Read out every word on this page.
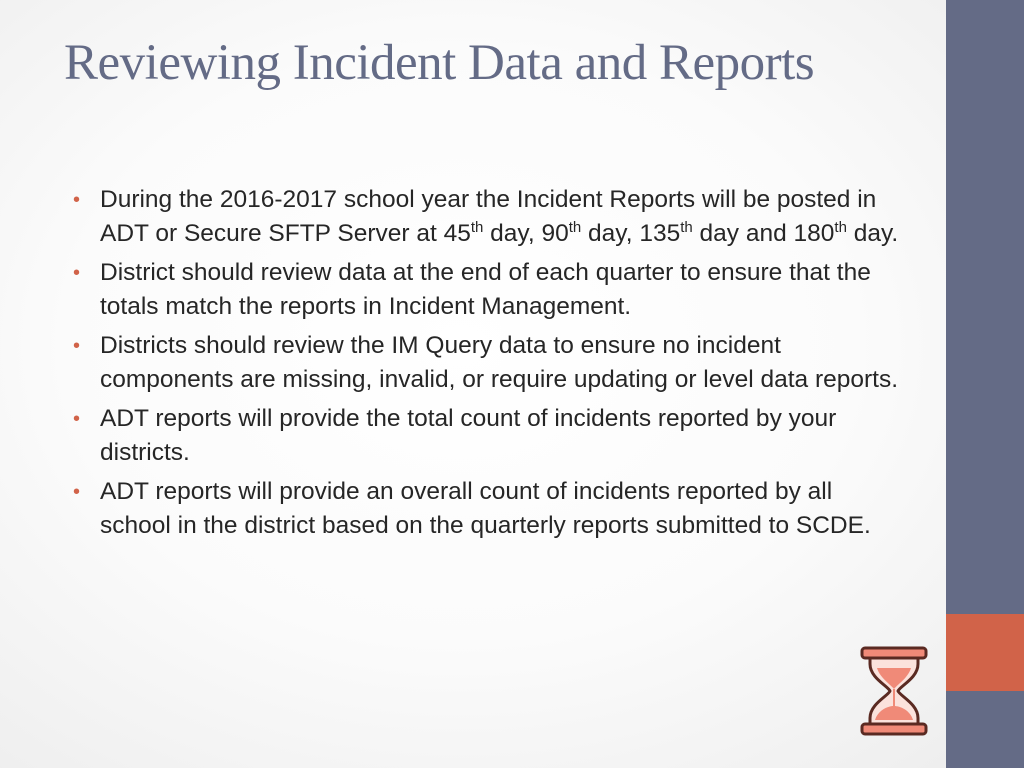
Reviewing Incident Data and Reports
• During the 2016-2017 school year the Incident Reports will be posted in ADT or Secure SFTP Server at 45th day, 90th day, 135th day and 180th day.
• District should review data at the end of each quarter to ensure that the totals match the reports in Incident Management.
• Districts should review the IM Query data to ensure no incident components are missing, invalid, or require updating or level data reports.
• ADT reports will provide the total count of incidents reported by your districts.
• ADT reports will provide an overall count of incidents reported by all school in the district based on the quarterly reports submitted to SCDE.
